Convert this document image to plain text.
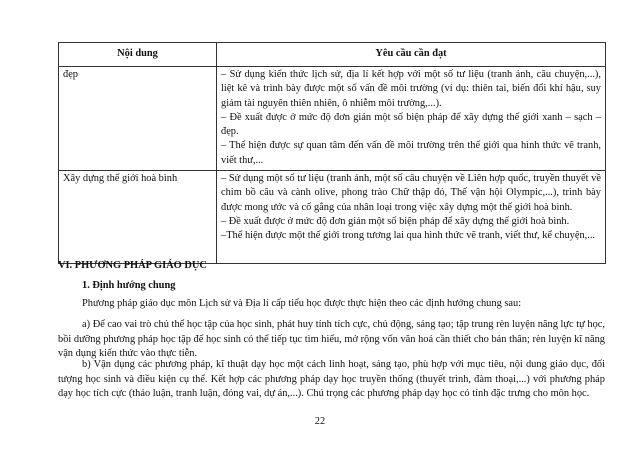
Nội dung	Yêu cầu cần đạt
đẹp	– Sử dụng kiến thức lịch sử, địa lí kết hợp với một số tư liệu (tranh ảnh, câu chuyện,...), liệt kê và trình bày được một số vấn đề môi trường (ví dụ: thiên tai, biến đổi khí hậu, suy giảm tài nguyên thiên nhiên, ô nhiễm môi trường,...).

– Đề xuất được ở mức độ đơn giản một số biện pháp để xây dựng thế giới xanh – sạch – đẹp.

– Thể hiện được sự quan tâm đến vấn đề môi trường trên thế giới qua hình thức vẽ tranh, viết thư,...

Xây dựng thế giới hoà bình	– Sử dụng một số tư liệu (tranh ảnh, một số câu chuyện về Liên hợp quốc, truyền thuyết về chim bồ câu và cành olive, phong trào Chữ thập đỏ, Thế vận hội Olympic,...), trình bày được mong ước và cố gắng của nhân loại trong việc xây dựng một thế giới hoà bình.

– Đề xuất được ở mức độ đơn giản một số biện pháp để xây dựng thế giới hoà bình.

–Thể hiện được một thế giới trong tương lai qua hình thức vẽ tranh, viết thư, kể chuyện,...

VI. PHƯƠNG PHÁP GIÁO DỤC
1. Định hướng chung
Phương pháp giáo dục môn Lịch sử và Địa lí cấp tiểu học được thực hiện theo các định hướng chung sau:
a) Để cao vai trò chủ thể học tập của học sinh, phát huy tính tích cực, chủ động, sáng tạo; tập trung rèn luyện năng lực tự học, bồi dưỡng phương pháp học tập để học sinh có thể tiếp tục tìm hiểu, mở rộng vốn văn hoá cần thiết cho bản thân; rèn luyện kĩ năng vận dụng kiến thức vào thực tiễn.
b) Vận dụng các phương pháp, kĩ thuật dạy học một cách linh hoạt, sáng tạo, phù hợp với mục tiêu, nội dung giáo dục, đối tượng học sinh và điều kiện cụ thể. Kết hợp các phương pháp dạy học truyền thống (thuyết trình, đàm thoại,...) với phương pháp dạy học tích cực (thảo luận, tranh luận, đóng vai, dự án,...). Chú trọng các phương pháp dạy học có tính đặc trưng cho môn học.
22
